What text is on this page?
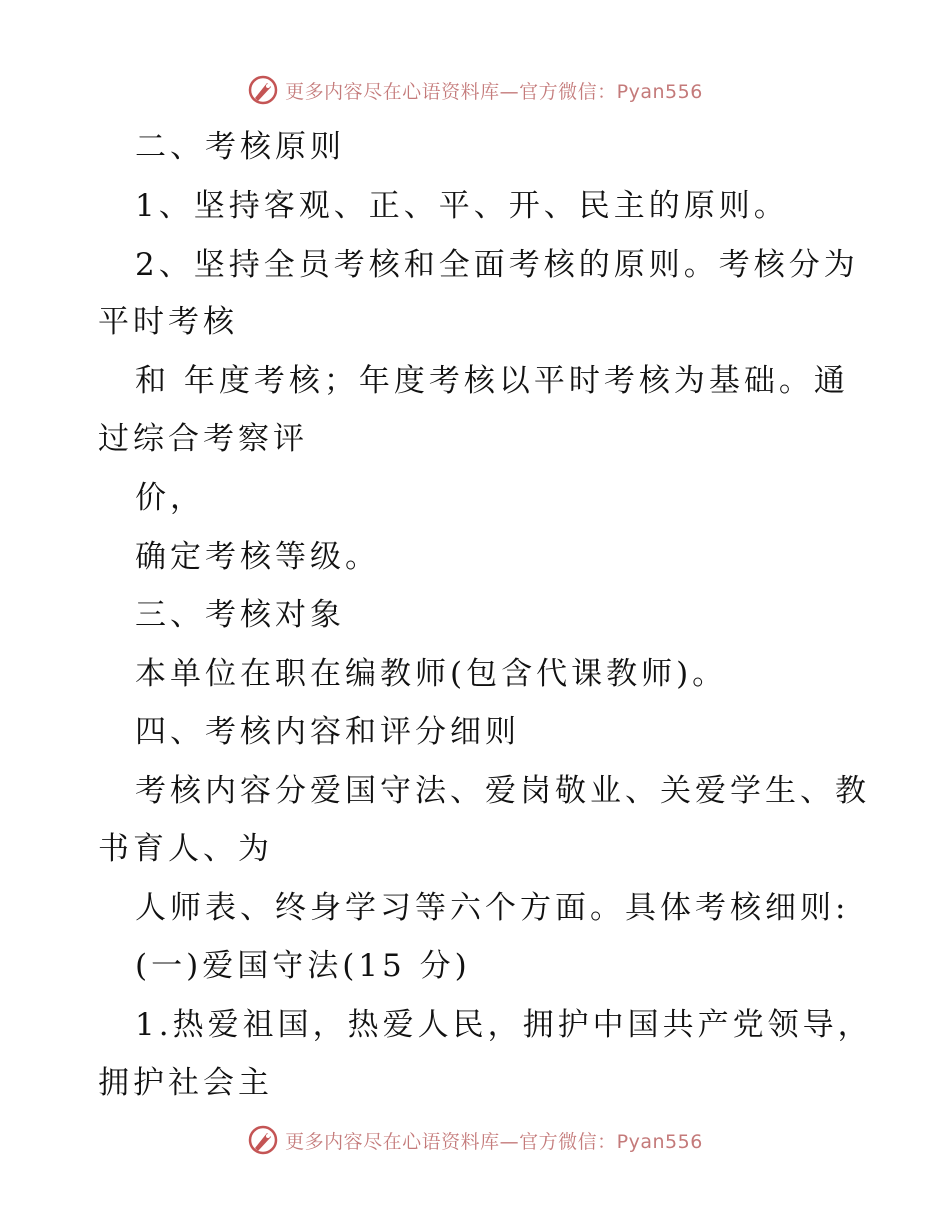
更多内容尽在心语资料库—官方微信：Pyan556
二、考核原则
1、坚持客观、正、平、开、民主的原则。
2、坚持全员考核和全面考核的原则。考核分为
平时考核
和 年度考核；年度考核以平时考核为基础。通
过综合考察评
价，
确定考核等级。
三、考核对象
本单位在职在编教师(包含代课教师)。
四、考核内容和评分细则
考核内容分爱国守法、爱岗敬业、关爱学生、教
书育人、为
人师表、终身学习等六个方面。具体考核细则:
(一)爱国守法(15 分)
1.热爱祖国，热爱人民，拥护中国共产党领导，
拥护社会主
更多内容尽在心语资料库—官方微信：Pyan556
